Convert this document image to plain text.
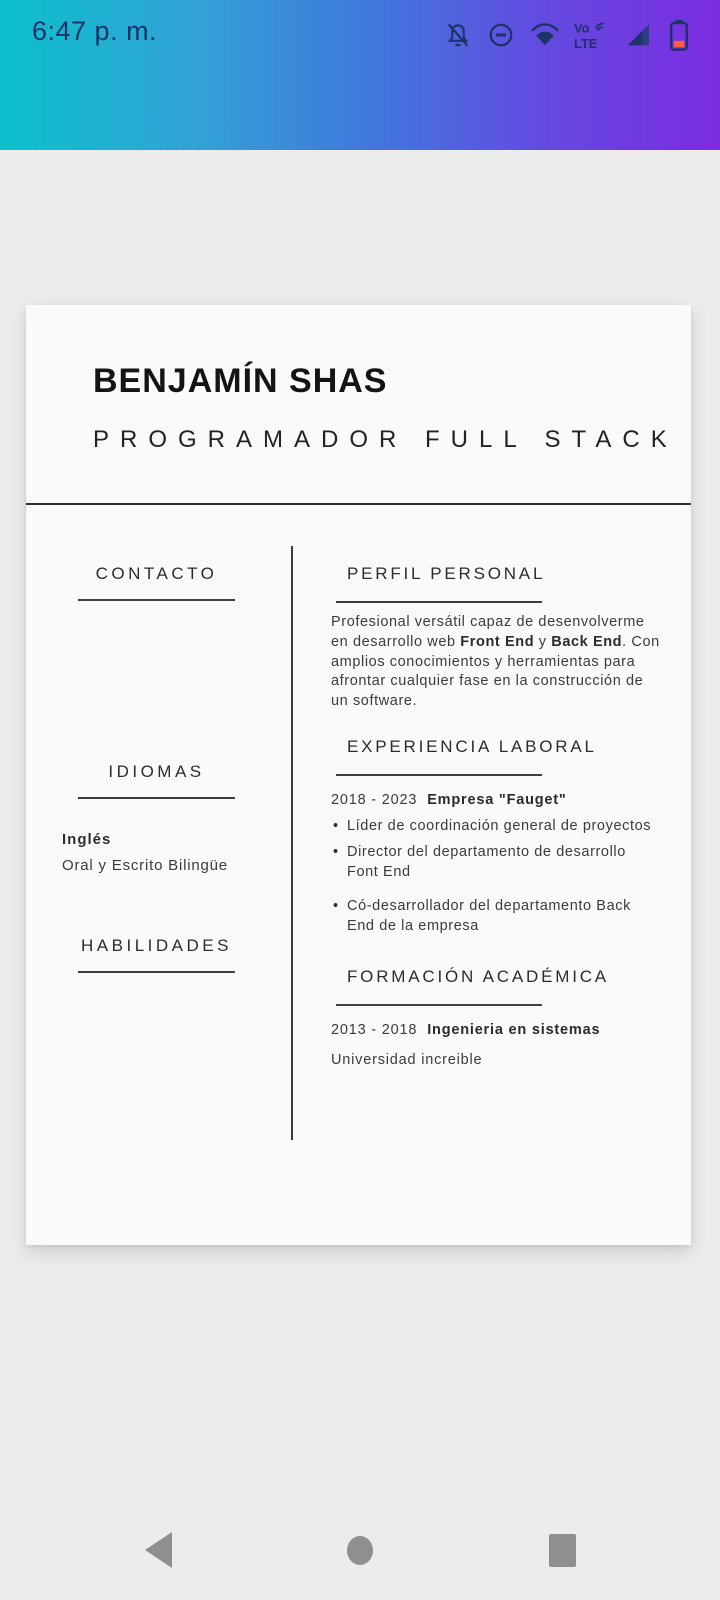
6:47 p. m.	Vo
LTE
BENJAMÍN SHAS
PROGRAMADOR FULL STACK
CONTACTO
IDIOMAS
Inglés
Oral y Escrito Bilingüe
HABILIDADES
PERFIL PERSONAL

Profesional versátil capaz de desenvolverme en desarrollo web Front End y Back End. Con amplios conocimientos y herramientas para afrontar cualquier fase en la construcción de un software.

EXPERIENCIA LABORAL
2018 - 2023 Empresa "Fauget"
• Líder de coordinación general de proyectos
• Director del departamento de desarrollo Font End
• Có-desarrollador del departamento Back End de la empresa
FORMACIÓN ACADÉMICA
2013 - 2018 Ingenieria en sistemas
Universidad increible
